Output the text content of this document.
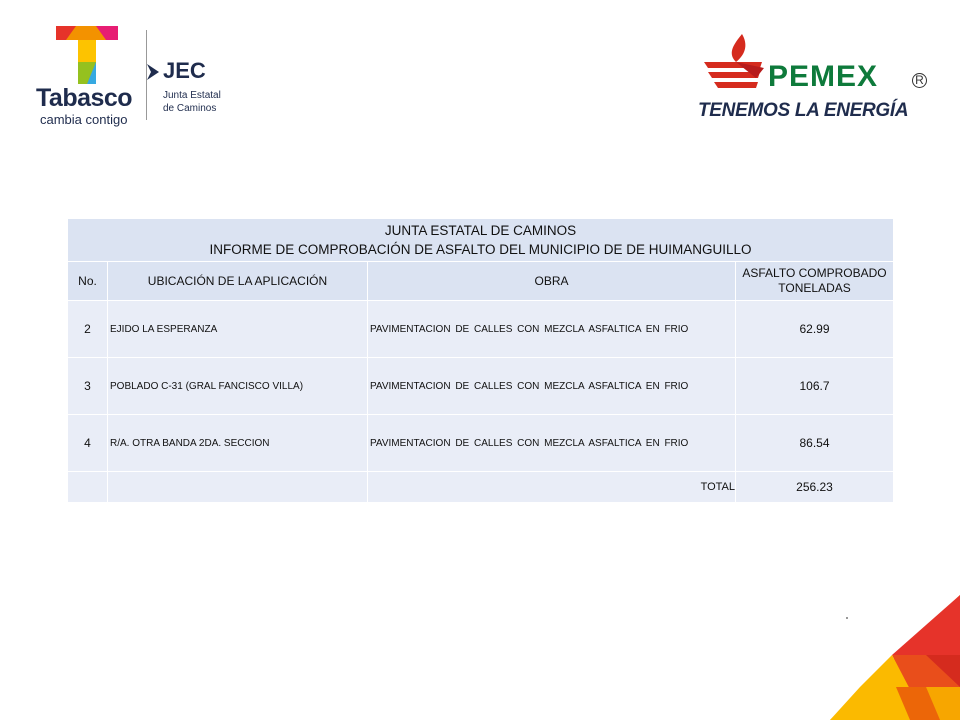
Tabasco
cambia contigo
JEC
Junta Estatal
de Caminos
PEMEX	R
TENEMOS LA ENERGÍA
JUNTA ESTATAL DE CAMINOS
INFORME DE COMPROBACIÓN DE ASFALTO DEL MUNICIPIO DE DE HUIMANGUILLO			

No.	UBICACIÓN DE LA APLICACIÓN	OBRA	ASFALTO COMPROBADO
TONELADAS

2	EJIDO LA ESPERANZA	PAVIMENTACION DE CALLES CON MEZCLA ASFALTICA EN FRIO	62.99
3	POBLADO C-31 (GRAL FANCISCO VILLA)	PAVIMENTACION DE CALLES CON MEZCLA ASFALTICA EN FRIO	106.7
4	R/A. OTRA BANDA 2DA. SECCION	PAVIMENTACION DE CALLES CON MEZCLA ASFALTICA EN FRIO	86.54
		TOTAL	256.23
